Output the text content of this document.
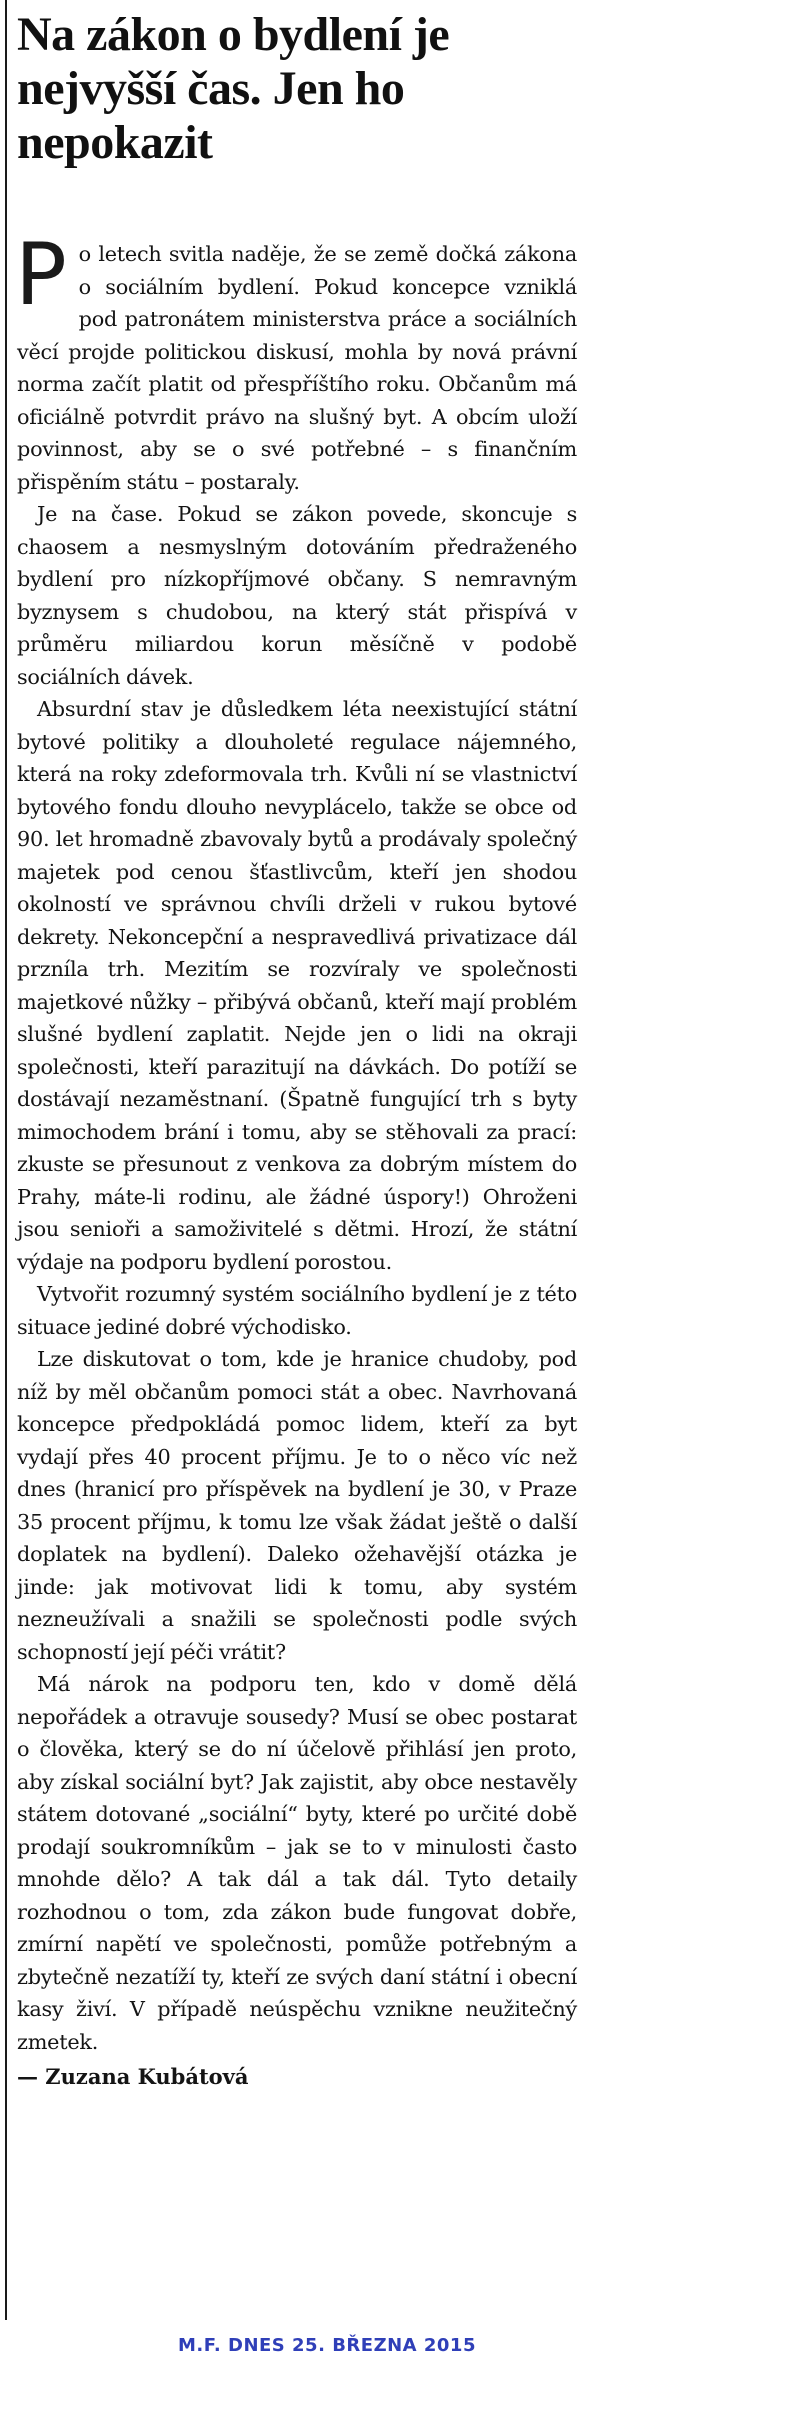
Na zákon o bydlení je nejvyšší čas. Jen ho nepokazit

Po letech svitla naděje, že se země dočká zákona o sociálním bydlení. Pokud koncepce vzniklá pod patronátem ministerstva práce a sociálních věcí projde politickou diskusí, mohla by nová právní norma začít platit od přespříštího roku. Občanům má oficiálně potvrdit právo na slušný byt. A obcím uloží povinnost, aby se o své potřebné – s finančním přispěním státu – postaraly.

Je na čase. Pokud se zákon povede, skoncuje s chaosem a nesmyslným dotováním předraženého bydlení pro nízkopříjmové občany. S nemravným byznysem s chudobou, na který stát přispívá v průměru miliardou korun měsíčně v podobě sociálních dávek.

Absurdní stav je důsledkem léta neexistující státní bytové politiky a dlouholeté regulace nájemného, která na roky zdeformovala trh. Kvůli ní se vlastnictví bytového fondu dlouho nevyplácelo, takže se obce od 90. let hromadně zbavovaly bytů a prodávaly společný majetek pod cenou šťastlivcům, kteří jen shodou okolností ve správnou chvíli drželi v rukou bytové dekrety. Nekoncepční a nespravedlivá privatizace dál przníla trh. Mezitím se rozvíraly ve společnosti majetkové nůžky – přibývá občanů, kteří mají problém slušné bydlení zaplatit. Nejde jen o lidi na okraji společnosti, kteří parazitují na dávkách. Do potíží se dostávají nezaměstnaní. (Špatně fungující trh s byty mimochodem brání i tomu, aby se stěhovali za prací: zkuste se přesunout z venkova za dobrým místem do Prahy, máte-li rodinu, ale žádné úspory!) Ohroženi jsou senioři a samoživitelé s dětmi. Hrozí, že státní výdaje na podporu bydlení porostou.

Vytvořit rozumný systém sociálního bydlení je z této situace jediné dobré východisko.

Lze diskutovat o tom, kde je hranice chudoby, pod níž by měl občanům pomoci stát a obec. Navrhovaná koncepce předpokládá pomoc lidem, kteří za byt vydají přes 40 procent příjmu. Je to o něco víc než dnes (hranicí pro příspěvek na bydlení je 30, v Praze 35 procent příjmu, k tomu lze však žádat ještě o další doplatek na bydlení). Daleko ožehavější otázka je jinde: jak motivovat lidi k tomu, aby systém nezneužívali a snažili se společnosti podle svých schopností její péči vrátit?

Má nárok na podporu ten, kdo v domě dělá nepořádek a otravuje sousedy? Musí se obec postarat o člověka, který se do ní účelově přihlásí jen proto, aby získal sociální byt? Jak zajistit, aby obce nestavěly státem dotované „sociální“ byty, které po určité době prodají soukromníkům – jak se to v minulosti často mnohde dělo? A tak dál a tak dál. Tyto detaily rozhodnou o tom, zda zákon bude fungovat dobře, zmírní napětí ve společnosti, pomůže potřebným a zbytečně nezatíží ty, kteří ze svých daní státní i obecní kasy živí. V případě neúspěchu vznikne neužitečný zmetek.

— Zuzana Kubátová
M.F. DNES 25. BŘEZNA 2015
